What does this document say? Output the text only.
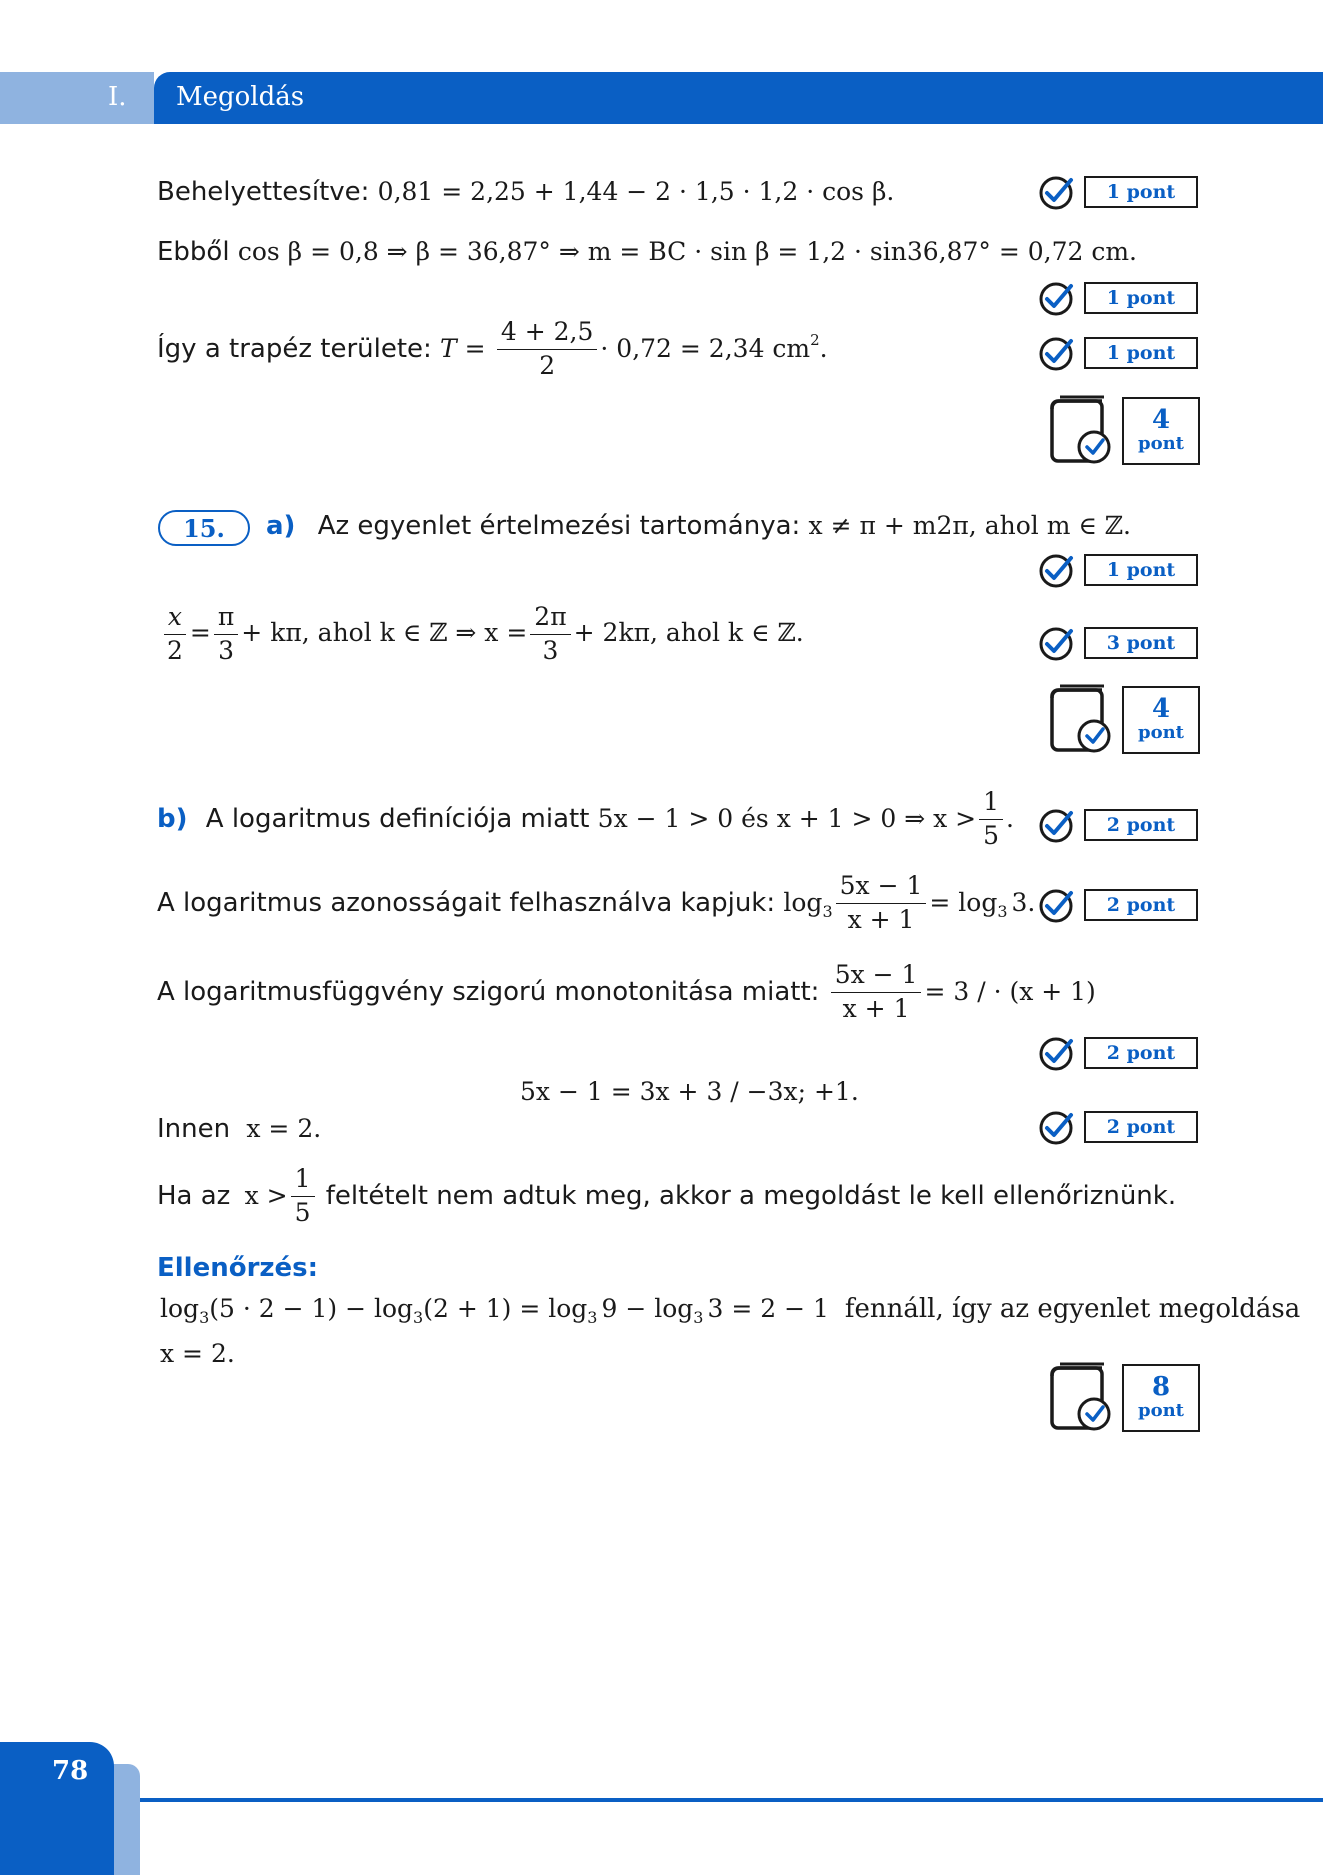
I. Megoldás
Behelyettesítve: 0,81 = 2,25 + 1,44 − 2 · 1,5 · 1,2 · cos β.	1 pont
Ebből cos β = 0,8 ⇒ β = 36,87° ⇒ m = BC · sin β = 1,2 · sin36,87° = 0,72 cm.
1 pont
Így a trapéz területe: $T = \frac{4 + 2,5}{2} \cdot 0,72 = 2,34$ $cm^2$.	1 pont
4
pont
15.	a) Az egyenlet értelmezési tartománya: x ≠ π + m2π, ahol m ∈ ℤ.
1 pont
$\frac{x}{2} = \frac{\pi}{3} + k\pi$, ahol k ∈ ℤ ⇒ $x = \frac{2\pi}{3} + 2k\pi$, ahol k ∈ ℤ.	3 pont
4
pont
b) A logaritmus definíciója miatt 5x − 1 > 0 és x + 1 > 0 ⇒ $x > \frac{1}{5}$ .	2 pont
A logaritmus azonosságait felhasználva kapjuk: $\log_3 \frac{5x - 1}{x + 1} = \log_3 3$.	2 pont
A logaritmusfüggvény szigorú monotonitása miatt: $\frac{5x - 1}{x + 1} = 3$ / · (x + 1)
2 pont
5x − 1 = 3x + 3 / −3x; +1.
Innen x = 2.	2 pont
Ha az $x > \frac{1}{5}$ feltételt nem adtuk meg, akkor a megoldást le kell ellenőriznünk.
Ellenőrzés:
$\log_3(5 \cdot 2 - 1) - \log_3(2 + 1) = \log_3 9 - \log_3 3 = 2 - 1$ fennáll, így az egyenlet megoldása
x = 2.
8
pont
78
